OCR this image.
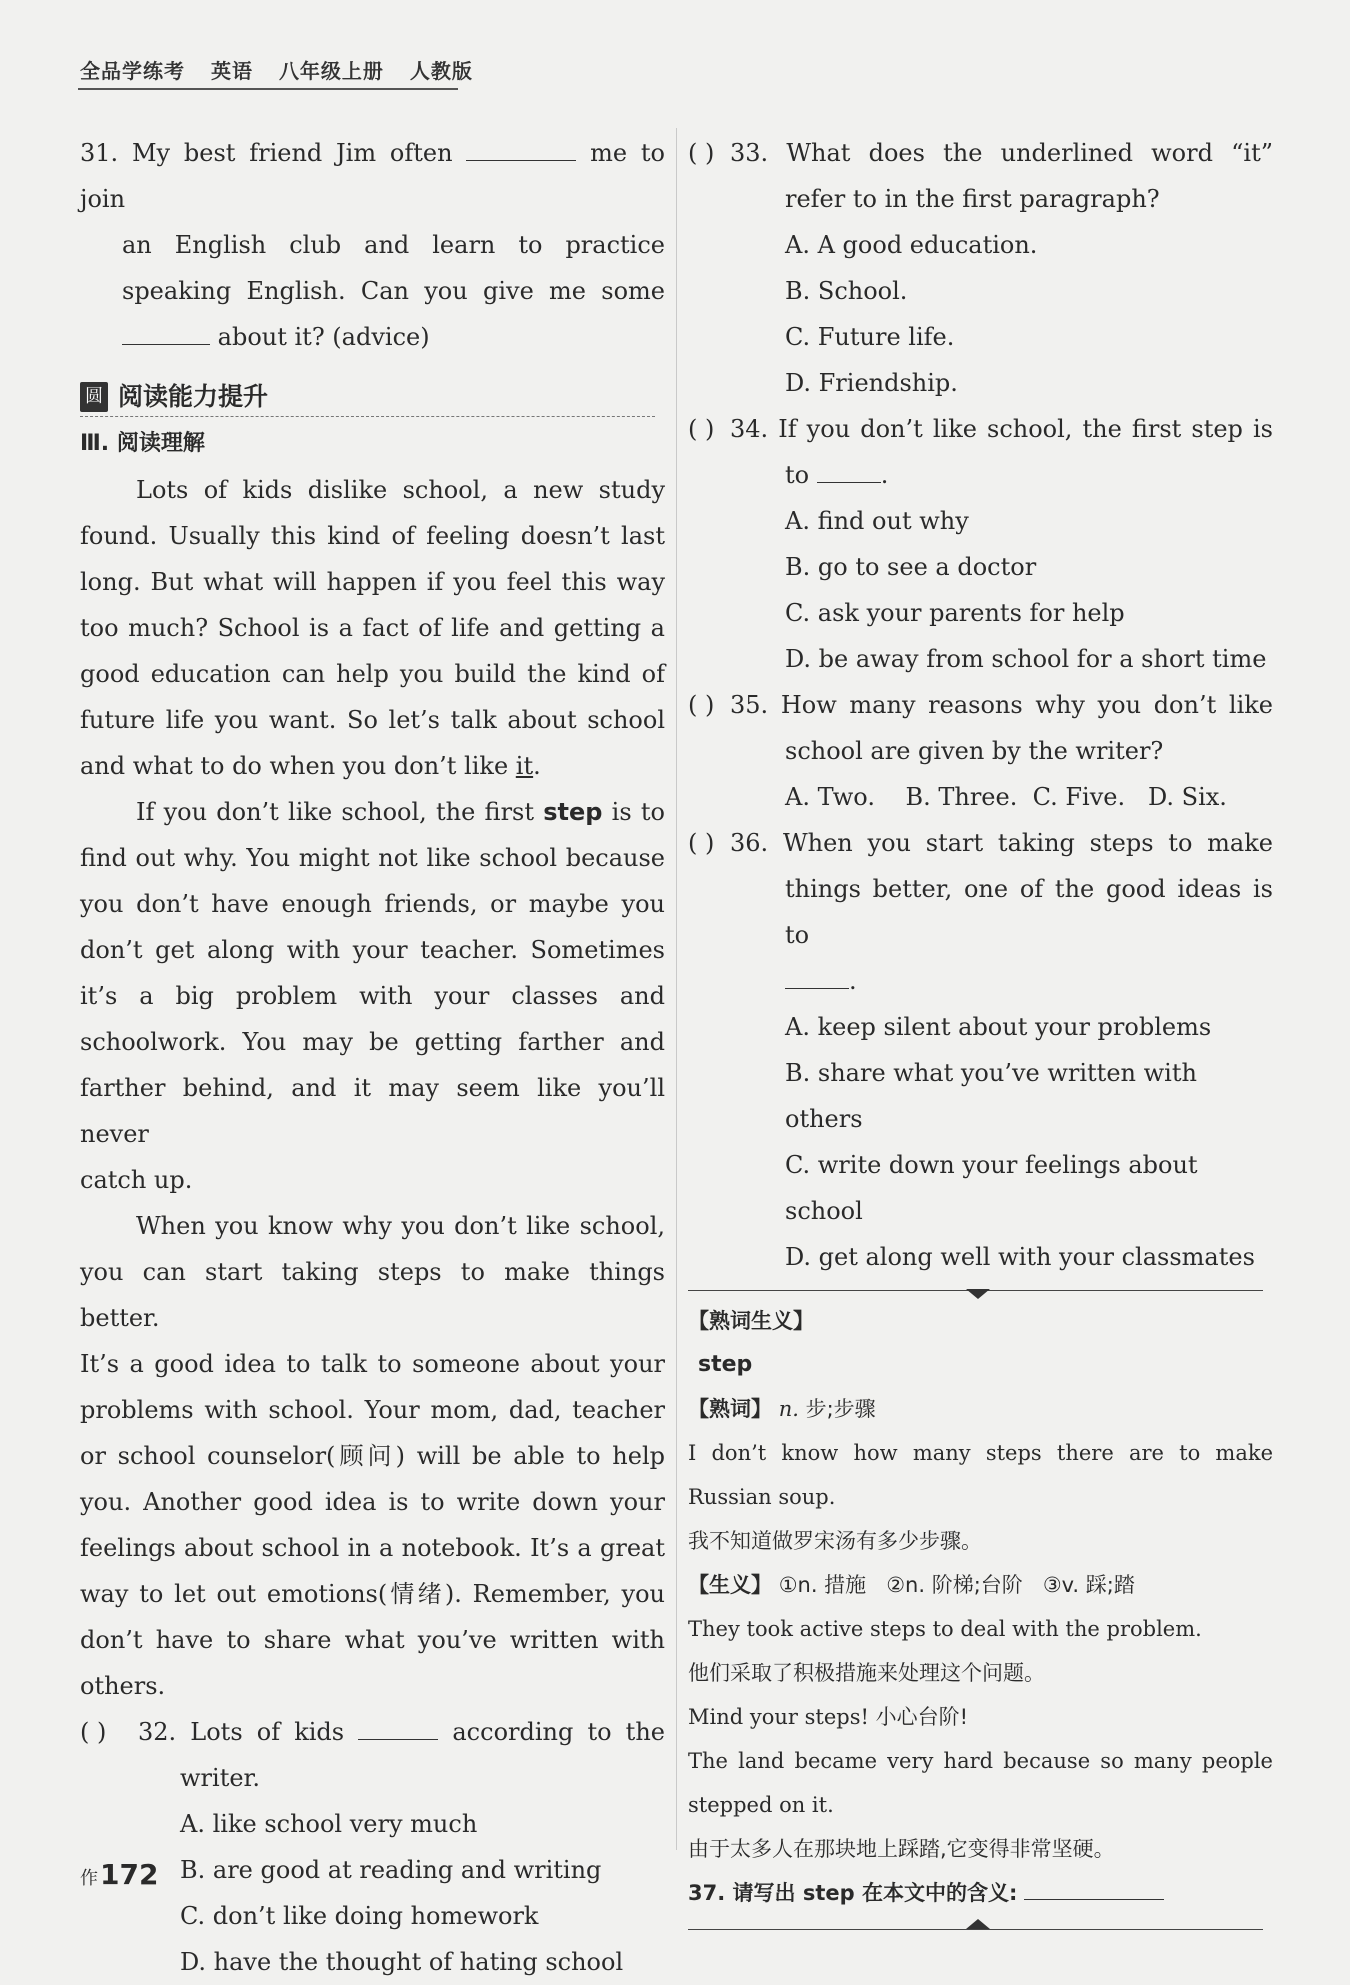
全品学练考 英语 八年级上册 人教版
31. My best friend Jim often	me to join
an English club and learn to practice
speaking English. Can you give me some
about it? (advice)
圆 阅读能力提升
Ⅲ. 阅读理解
Lots of kids dislike school, a new study
found. Usually this kind of feeling doesn’t last
long. But what will happen if you feel this way
too much? School is a fact of life and getting a
good education can help you build the kind of
future life you want. So let’s talk about school
and what to do when you don’t like it.
If you don’t like school, the first step is to
find out why. You might not like school because
you don’t have enough friends, or maybe you
don’t get along with your teacher. Sometimes
it’s a big problem with your classes and
schoolwork. You may be getting farther and
farther behind, and it may seem like you’ll never
catch up.
When you know why you don’t like school,
you can start taking steps to make things better.
It’s a good idea to talk to someone about your
problems with school. Your mom, dad, teacher
or school counselor(顾问) will be able to help
you. Another good idea is to write down your
feelings about school in a notebook. It’s a great
way to let out emotions(情绪). Remember, you
don’t have to share what you’ve written with
others.
( )	32. Lots of kids	according to the
writer.
A. like school very much
B. are good at reading and writing
C. don’t like doing homework
D. have the thought of hating school
( ) 33. What does the underlined word “it”
refer to in the first paragraph?
A. A good education.
B. School.
C. Future life.
D. Friendship.
( ) 34. If you don’t like school, the first step is
to	.
A. find out why
B. go to see a doctor
C. ask your parents for help
D. be away from school for a short time
( ) 35. How many reasons why you don’t like
school are given by the writer?
A. Two. B. Three. C. Five. D. Six.
( ) 36. When you start taking steps to make
things better, one of the good ideas is to
.
A. keep silent about your problems
B. share what you’ve written with others
C. write down your feelings about school
D. get along well with your classmates
【熟词生义】
step
【熟词】 n. 步;步骤
I don’t know how many steps there are to make
Russian soup.
我不知道做罗宋汤有多少步骤。
【生义】 ①n. 措施 ②n. 阶梯;台阶 ③v. 踩;踏
They took active steps to deal with the problem.
他们采取了积极措施来处理这个问题。
Mind your steps! 小心台阶!
The land became very hard because so many people
stepped on it.
由于太多人在那块地上踩踏,它变得非常坚硬。
37. 请写出 step 在本文中的含义:
作172
